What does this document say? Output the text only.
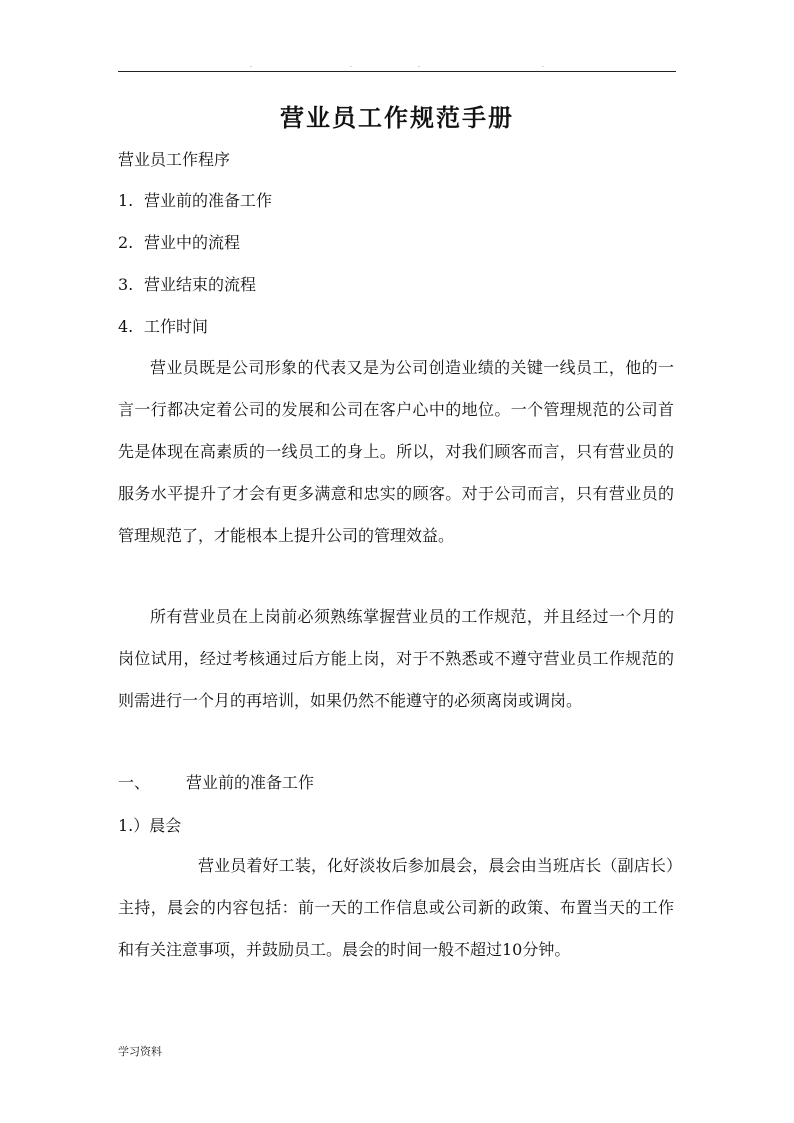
.	.	.	.
营业员工作规范手册
营业员工作程序
1. 营业前的准备工作
2. 营业中的流程
3. 营业结束的流程
4. 工作时间
营业员既是公司形象的代表又是为公司创造业绩的关键一线员工，他的一言一行都决定着公司的发展和公司在客户心中的地位。一个管理规范的公司首先是体现在高素质的一线员工的身上。所以，对我们顾客而言，只有营业员的服务水平提升了才会有更多满意和忠实的顾客。对于公司而言，只有营业员的管理规范了，才能根本上提升公司的管理效益。
所有营业员在上岗前必须熟练掌握营业员的工作规范，并且经过一个月的岗位试用，经过考核通过后方能上岗，对于不熟悉或不遵守营业员工作规范的则需进行一个月的再培训，如果仍然不能遵守的必须离岗或调岗。
一、 营业前的准备工作
1.）晨会
营业员着好工装，化好淡妆后参加晨会，晨会由当班店长（副店长）主持，晨会的内容包括：前一天的工作信息或公司新的政策、布置当天的工作和有关注意事项，并鼓励员工。晨会的时间一般不超过10分钟。
学习资料
